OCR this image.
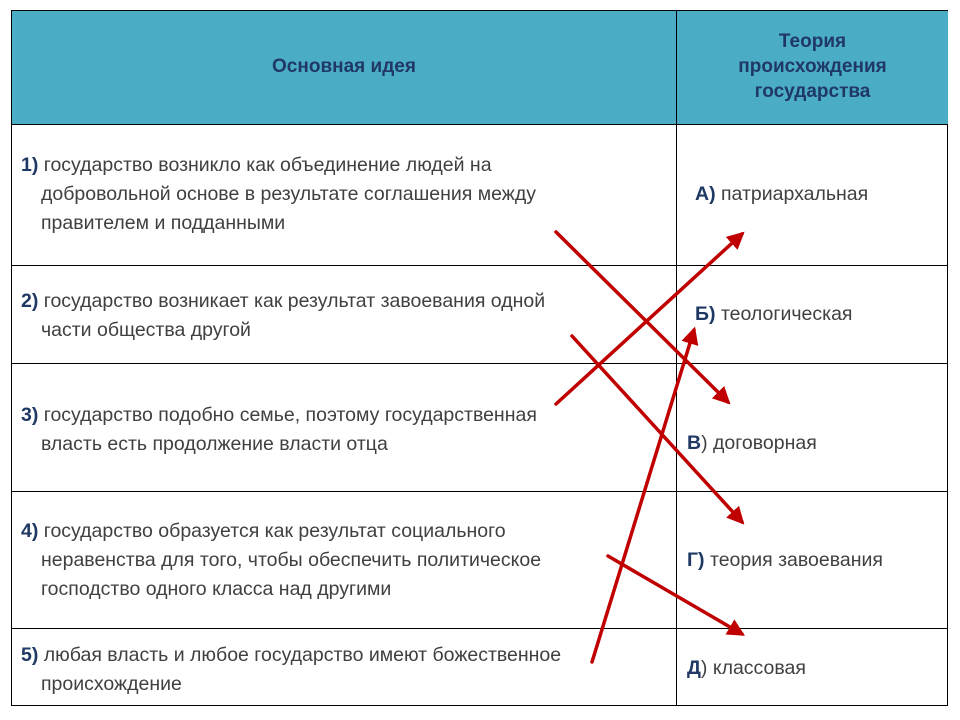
Основная идея
Теория
происхождения
государства
1) государство возникло как объединение людей на
добровольной основе в результате соглашения между
правителем и подданными
2) государство возникает как результат завоевания одной
части общества другой
3) государство подобно семье, поэтому государственная
власть есть продолжение власти отца
4) государство образуется как результат социального
неравенства для того, чтобы обеспечить политическое
господство одного класса над другими
5) любая власть и любое государство имеют божественное
происхождение
А) патриархальная
Б) теологическая
В) договорная
Г) теория завоевания
Д) классовая
